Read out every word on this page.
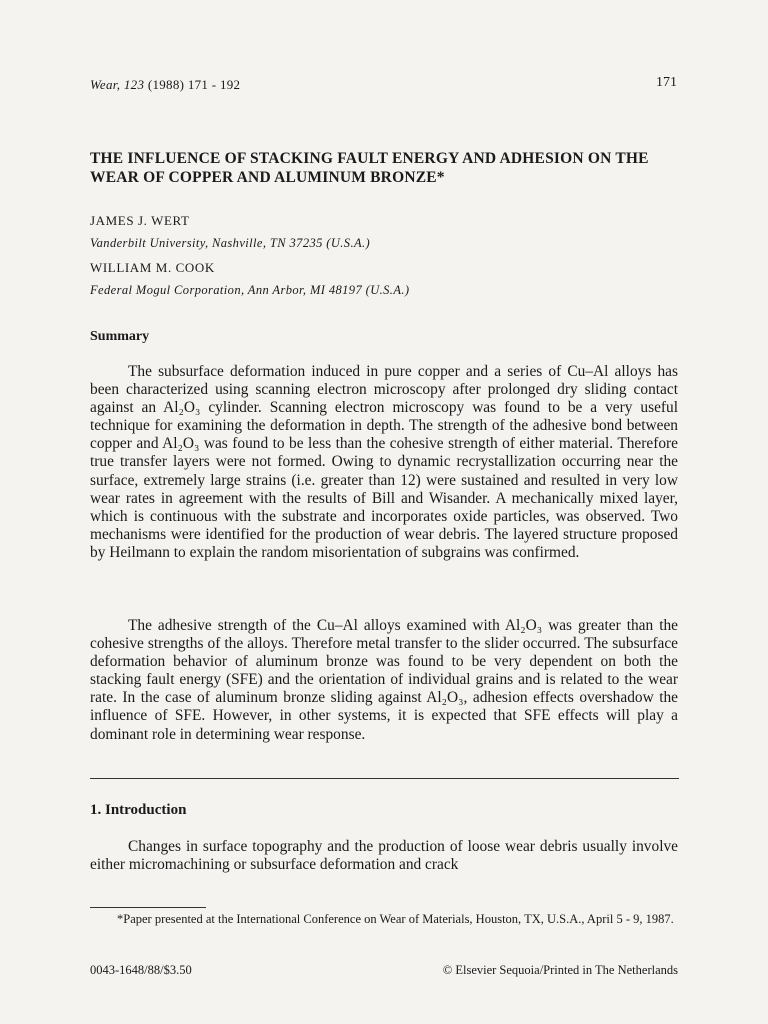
Wear, 123 (1988) 171 - 192	171
THE INFLUENCE OF STACKING FAULT ENERGY AND ADHESION ON THE WEAR OF COPPER AND ALUMINUM BRONZE*
JAMES J. WERT
Vanderbilt University, Nashville, TN 37235 (U.S.A.)
WILLIAM M. COOK
Federal Mogul Corporation, Ann Arbor, MI 48197 (U.S.A.)
Summary

The subsurface deformation induced in pure copper and a series of Cu–Al alloys has been characterized using scanning electron microscopy after prolonged dry sliding contact against an Al₂O₃ cylinder. Scanning electron microscopy was found to be a very useful technique for examining the deformation in depth. The strength of the adhesive bond between copper and Al₂O₃ was found to be less than the cohesive strength of either material. Therefore true transfer layers were not formed. Owing to dynamic recrystallization occurring near the surface, extremely large strains (i.e. greater than 12) were sustained and resulted in very low wear rates in agreement with the results of Bill and Wisander. A mechanically mixed layer, which is continuous with the substrate and incorporates oxide particles, was observed. Two mechanisms were identified for the production of wear debris. The layered structure proposed by Heilmann to explain the random misorientation of subgrains was confirmed.

The adhesive strength of the Cu–Al alloys examined with Al₂O₃ was greater than the cohesive strengths of the alloys. Therefore metal transfer to the slider occurred. The subsurface deformation behavior of aluminum bronze was found to be very dependent on both the stacking fault energy (SFE) and the orientation of individual grains and is related to the wear rate. In the case of aluminum bronze sliding against Al₂O₃, adhesion effects overshadow the influence of SFE. However, in other systems, it is expected that SFE effects will play a dominant role in determining wear response.

1. Introduction

Changes in surface topography and the production of loose wear debris usually involve either micromachining or subsurface deformation and crack

*Paper presented at the International Conference on Wear of Materials, Houston, TX, U.S.A., April 5 - 9, 1987.

0043-1648/88/$3.50	© Elsevier Sequoia/Printed in The Netherlands
